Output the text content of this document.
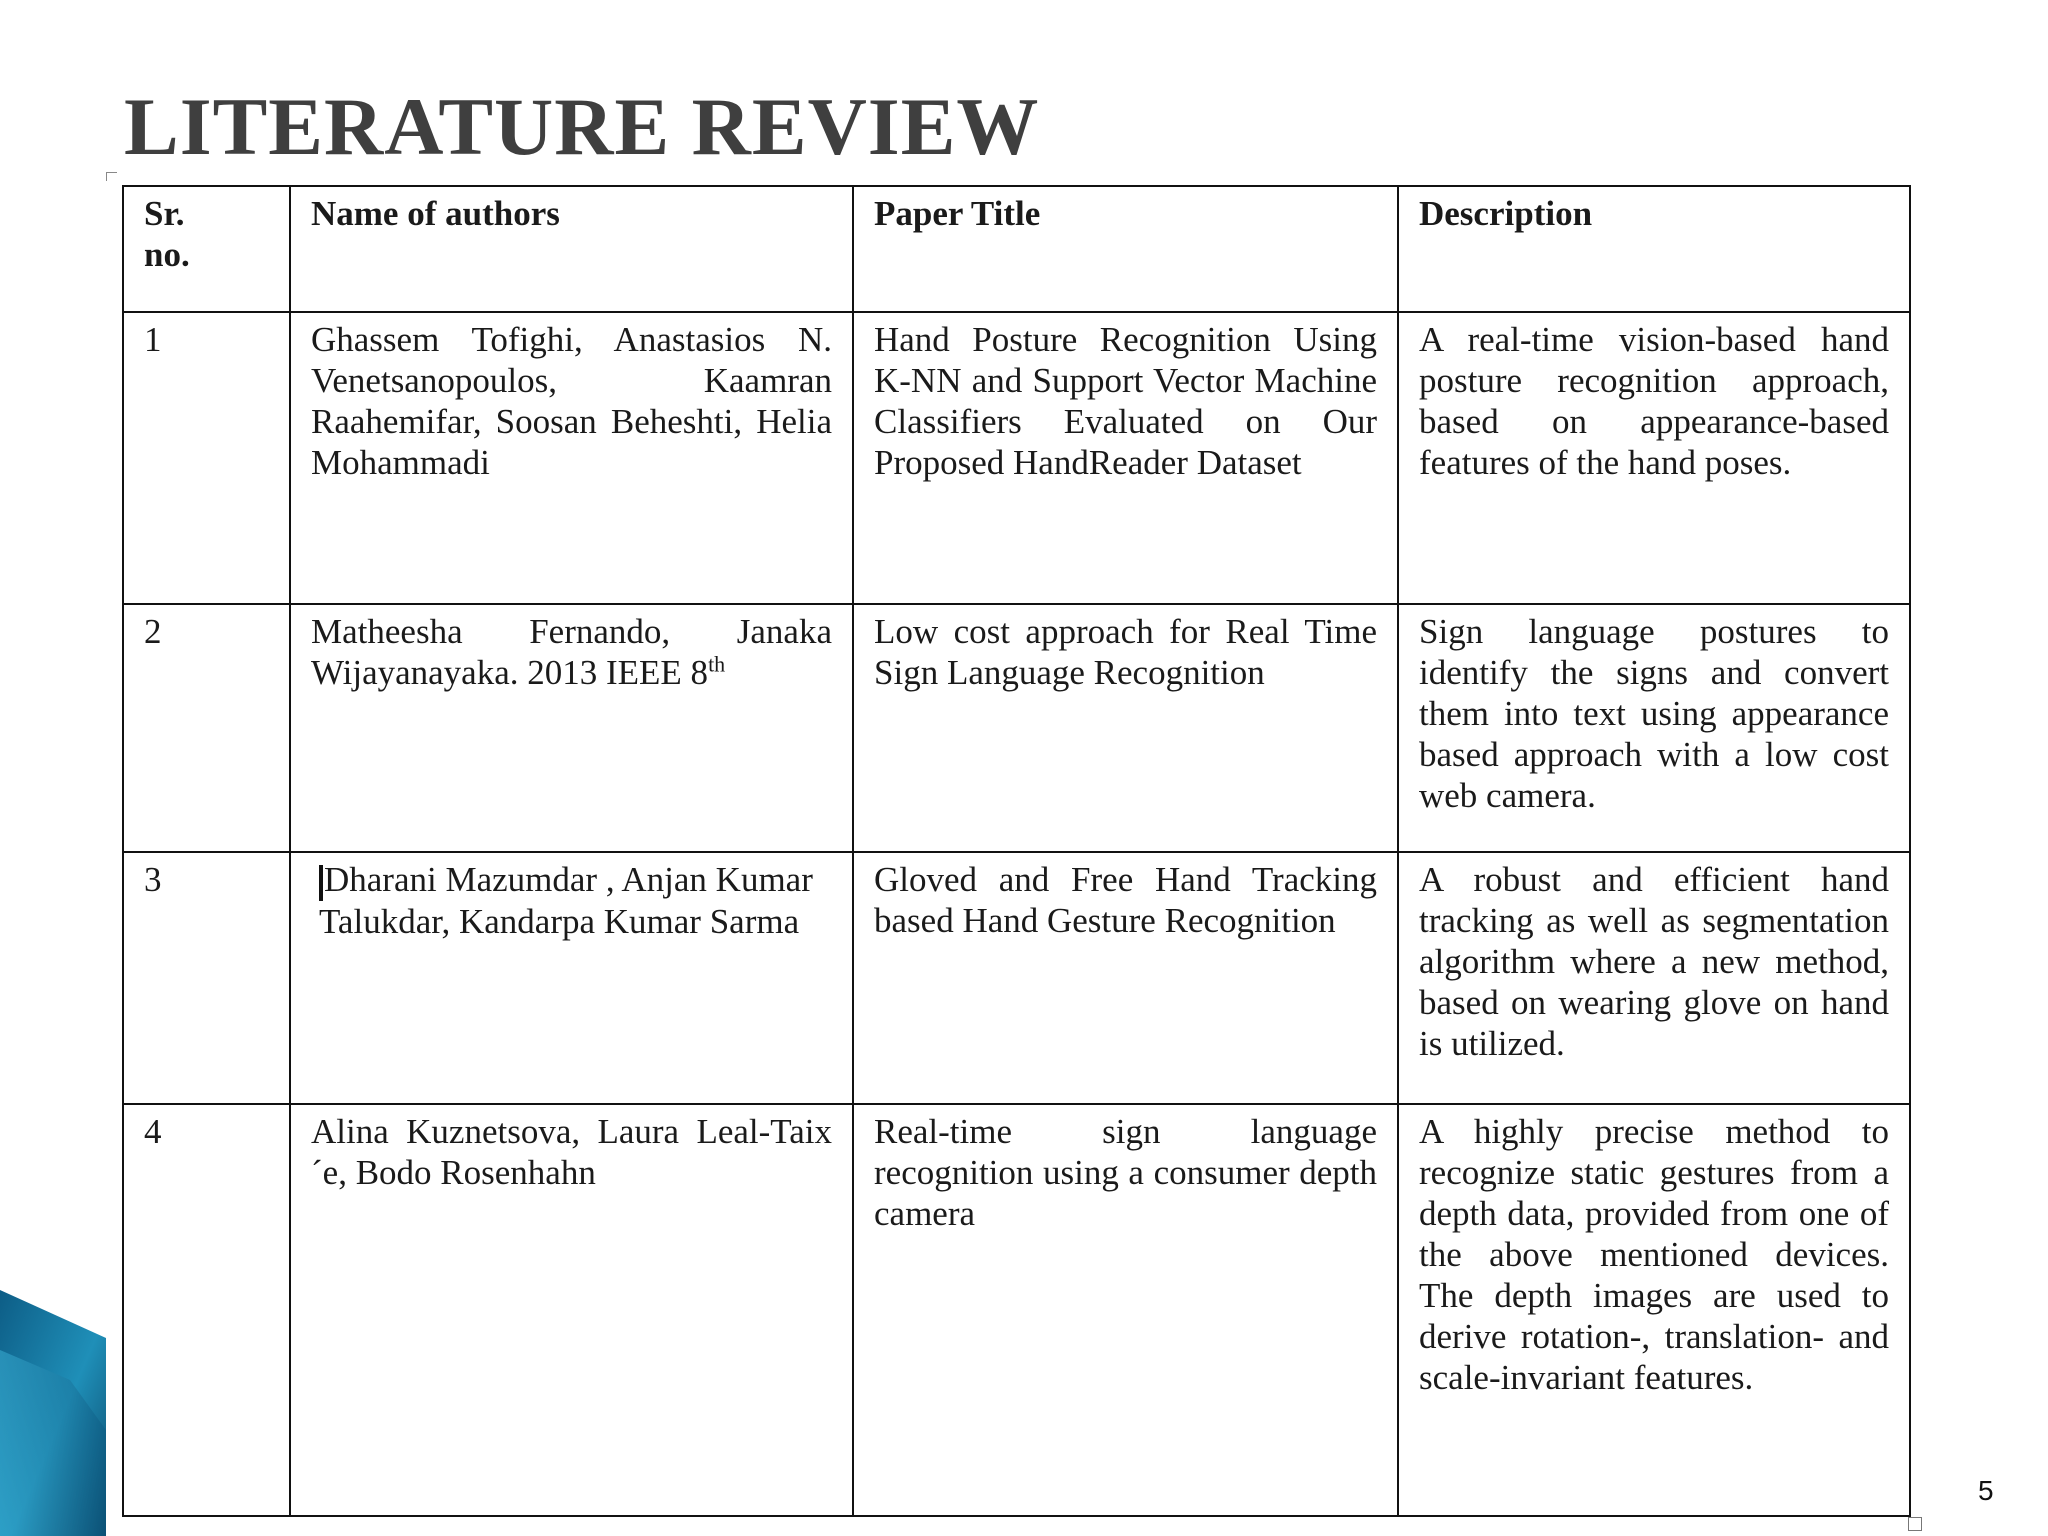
LITERATURE REVIEW
Sr. no.	Name of authors	Paper Title	Description
1	Ghassem Tofighi, Anastasios N. Venetsanopoulos, Kaamran Raahemifar, Soosan Beheshti, Helia Mohammadi	Hand Posture Recognition Using K-NN and Support Vector Machine Classifiers Evaluated on Our Proposed HandReader Dataset	A real-time vision-based hand posture recognition approach, based on appearance-based features of the hand poses.
2	Matheesha Fernando, Janaka Wijayanayaka. 2013 IEEE 8th	Low cost approach for Real Time Sign Language Recognition	Sign language postures to identify the signs and convert them into text using appearance based approach with a low cost web camera.
3	Dharani Mazumdar , Anjan Kumar Talukdar, Kandarpa Kumar Sarma	Gloved and Free Hand Tracking based Hand Gesture Recognition	A robust and efficient hand tracking as well as segmentation algorithm where a new method, based on wearing glove on hand is utilized.
4	Alina Kuznetsova, Laura Leal-Taix´e, Bodo Rosenhahn	Real-time sign language recognition using a consumer depth camera	A highly precise method to recognize static gestures from a depth data, provided from one of the above mentioned devices. The depth images are used to derive rotation-, translation- and scale-invariant features.
5
